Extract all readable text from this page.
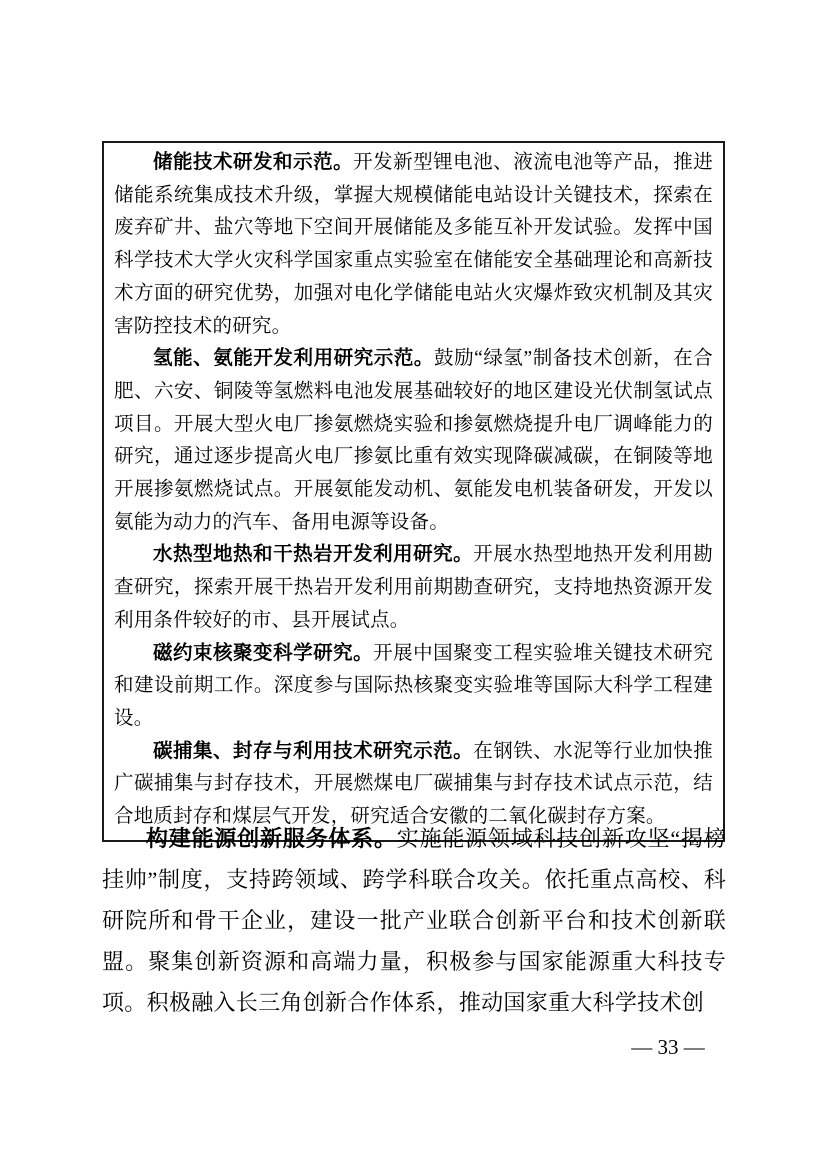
储能技术研发和示范。开发新型锂电池、液流电池等产品，推进储能系统集成技术升级，掌握大规模储能电站设计关键技术，探索在废弃矿井、盐穴等地下空间开展储能及多能互补开发试验。发挥中国科学技术大学火灾科学国家重点实验室在储能安全基础理论和高新技术方面的研究优势，加强对电化学储能电站火灾爆炸致灾机制及其灾害防控技术的研究。

氢能、氨能开发利用研究示范。鼓励“绿氢”制备技术创新，在合肥、六安、铜陵等氢燃料电池发展基础较好的地区建设光伏制氢试点项目。开展大型火电厂掺氨燃烧实验和掺氨燃烧提升电厂调峰能力的研究，通过逐步提高火电厂掺氨比重有效实现降碳减碳，在铜陵等地开展掺氨燃烧试点。开展氨能发动机、氨能发电机装备研发，开发以氨能为动力的汽车、备用电源等设备。

水热型地热和干热岩开发利用研究。开展水热型地热开发利用勘查研究，探索开展干热岩开发利用前期勘查研究，支持地热资源开发利用条件较好的市、县开展试点。

磁约束核聚变科学研究。开展中国聚变工程实验堆关键技术研究和建设前期工作。深度参与国际热核聚变实验堆等国际大科学工程建设。

碳捕集、封存与利用技术研究示范。在钢铁、水泥等行业加快推广碳捕集与封存技术，开展燃煤电厂碳捕集与封存技术试点示范，结合地质封存和煤层气开发，研究适合安徽的二氧化碳封存方案。

构建能源创新服务体系。实施能源领域科技创新攻坚“揭榜挂帅”制度，支持跨领域、跨学科联合攻关。依托重点高校、科研院所和骨干企业，建设一批产业联合创新平台和技术创新联盟。聚集创新资源和高端力量，积极参与国家能源重大科技专项。积极融入长三角创新合作体系，推动国家重大科学技术创

— 33 —
